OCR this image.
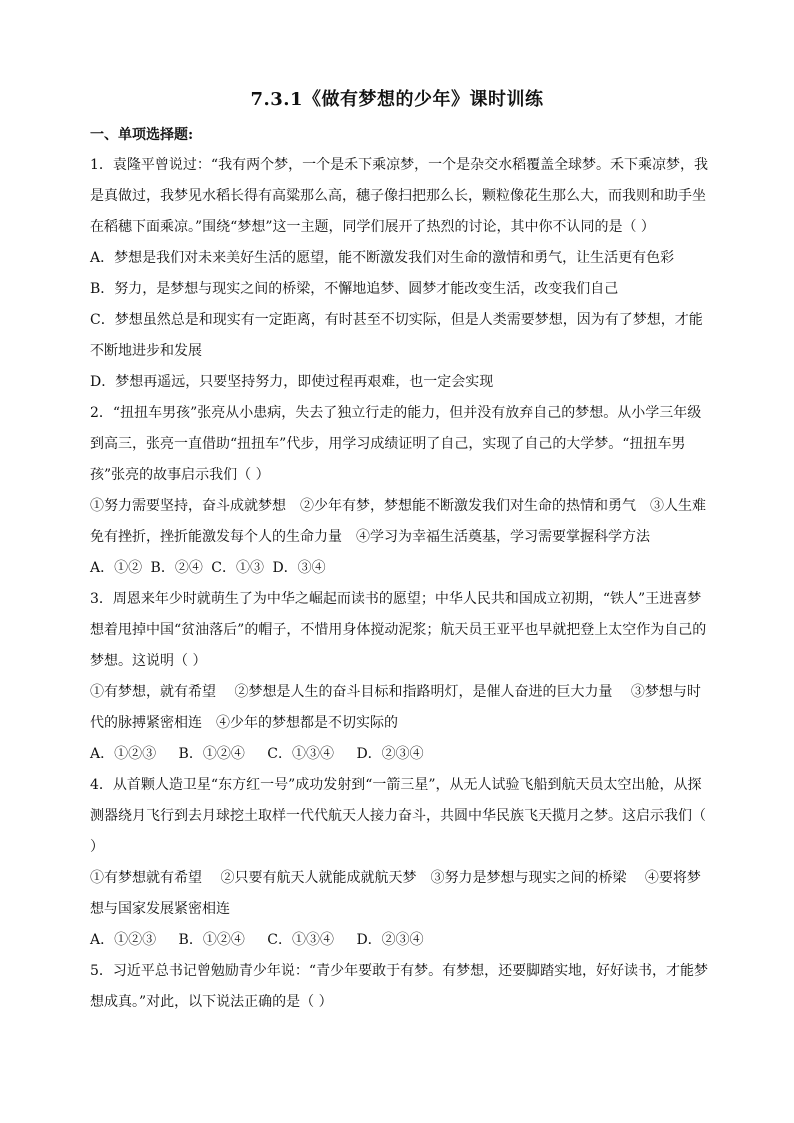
7.3.1《做有梦想的少年》课时训练
一、单项选择题:

1．袁隆平曾说过：“我有两个梦，一个是禾下乘凉梦，一个是杂交水稻覆盖全球梦。禾下乘凉梦，我是真做过，我梦见水稻长得有高粱那么高，穗子像扫把那么长，颗粒像花生那么大，而我则和助手坐在稻穗下面乘凉。”围绕“梦想”这一主题，同学们展开了热烈的讨论，其中你不认同的是（ ）

A．梦想是我们对未来美好生活的愿望，能不断激发我们对生命的激情和勇气，让生活更有色彩

B．努力，是梦想与现实之间的桥梁，不懈地追梦、圆梦才能改变生活，改变我们自己

C．梦想虽然总是和现实有一定距离，有时甚至不切实际，但是人类需要梦想，因为有了梦想，才能不断地进步和发展

D．梦想再遥远，只要坚持努力，即使过程再艰难，也一定会实现

2．“扭扭车男孩”张亮从小患病，失去了独立行走的能力，但并没有放弃自己的梦想。从小学三年级到高三，张亮一直借助“扭扭车”代步，用学习成绩证明了自己，实现了自己的大学梦。“扭扭车男孩”张亮的故事启示我们（ ）

①努力需要坚持，奋斗成就梦想　②少年有梦，梦想能不断激发我们对生命的热情和勇气　③人生难免有挫折，挫折能激发每个人的生命力量　④学习为幸福生活奠基，学习需要掌握科学方法

A．①② B．②④ C．①③ D．③④

3．周恩来年少时就萌生了为中华之崛起而读书的愿望；中华人民共和国成立初期，“铁人”王进喜梦想着甩掉中国“贫油落后”的帽子，不惜用身体搅动泥浆；航天员王亚平也早就把登上太空作为自己的梦想。这说明（ ）

①有梦想，就有希望　 ②梦想是人生的奋斗目标和指路明灯，是催人奋进的巨大力量　 ③梦想与时代的脉搏紧密相连　④少年的梦想都是不切实际的

A．①②③　 B．①②④　 C．①③④　 D．②③④

4．从首颗人造卫星“东方红一号”成功发射到“一箭三星”，从无人试验飞船到航天员太空出舱，从探测器绕月飞行到去月球挖土取样一代代航天人接力奋斗，共圆中华民族飞天揽月之梦。这启示我们（ ）

①有梦想就有希望　 ②只要有航天人就能成就航天梦　③努力是梦想与现实之间的桥梁　 ④要将梦想与国家发展紧密相连

A．①②③　 B．①②④　 C．①③④　 D．②③④

5．习近平总书记曾勉励青少年说：“青少年要敢于有梦。有梦想，还要脚踏实地，好好读书，才能梦想成真。”对此，以下说法正确的是（ ）
